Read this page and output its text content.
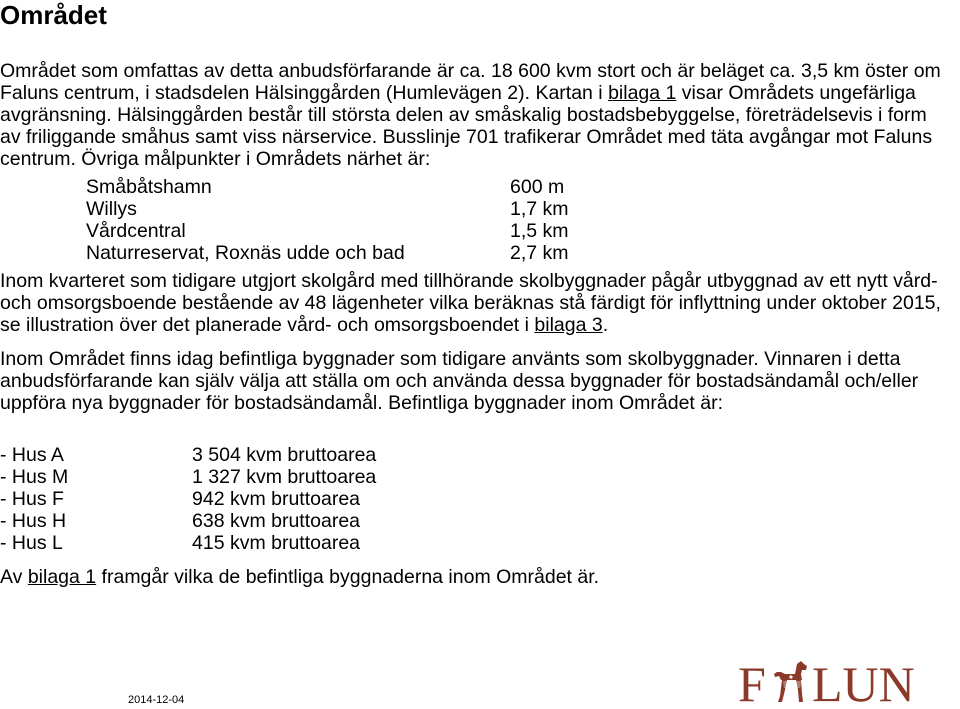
Området

Området som omfattas av detta anbudsförfarande är ca. 18 600 kvm stort och är beläget ca. 3,5 km öster om Faluns centrum, i stadsdelen Hälsinggården (Humlevägen 2). Kartan i bilaga 1 visar Områdets ungefärliga avgränsning. Hälsinggården består till största delen av småskalig bostadsbebyggelse, företrädelsevis i form av friliggande småhus samt viss närservice. Busslinje 701 trafikerar Området med täta avgångar mot Faluns centrum. Övriga målpunkter i Områdets närhet är:

Småbåtshamn	600 m
Willys	1,7 km
Vårdcentral	1,5 km
Naturreservat, Roxnäs udde och bad	2,7 km

Inom kvarteret som tidigare utgjort skolgård med tillhörande skolbyggnader pågår utbyggnad av ett nytt vård- och omsorgsboende bestående av 48 lägenheter vilka beräknas stå färdigt för inflyttning under oktober 2015, se illustration över det planerade vård- och omsorgsboendet i bilaga 3.

Inom Området finns idag befintliga byggnader som tidigare använts som skolbyggnader. Vinnaren i detta anbudsförfarande kan själv välja att ställa om och använda dessa byggnader för bostadsändamål och/eller uppföra nya byggnader för bostadsändamål. Befintliga byggnader inom Området är:

- Hus A	3 504 kvm bruttoarea
- Hus M	1 327 kvm bruttoarea
- Hus F	942 kvm bruttoarea
- Hus H	638 kvm bruttoarea
- Hus L	415 kvm bruttoarea

Av bilaga 1 framgår vilka de befintliga byggnaderna inom Området är.

2014-12-04	F LUN
